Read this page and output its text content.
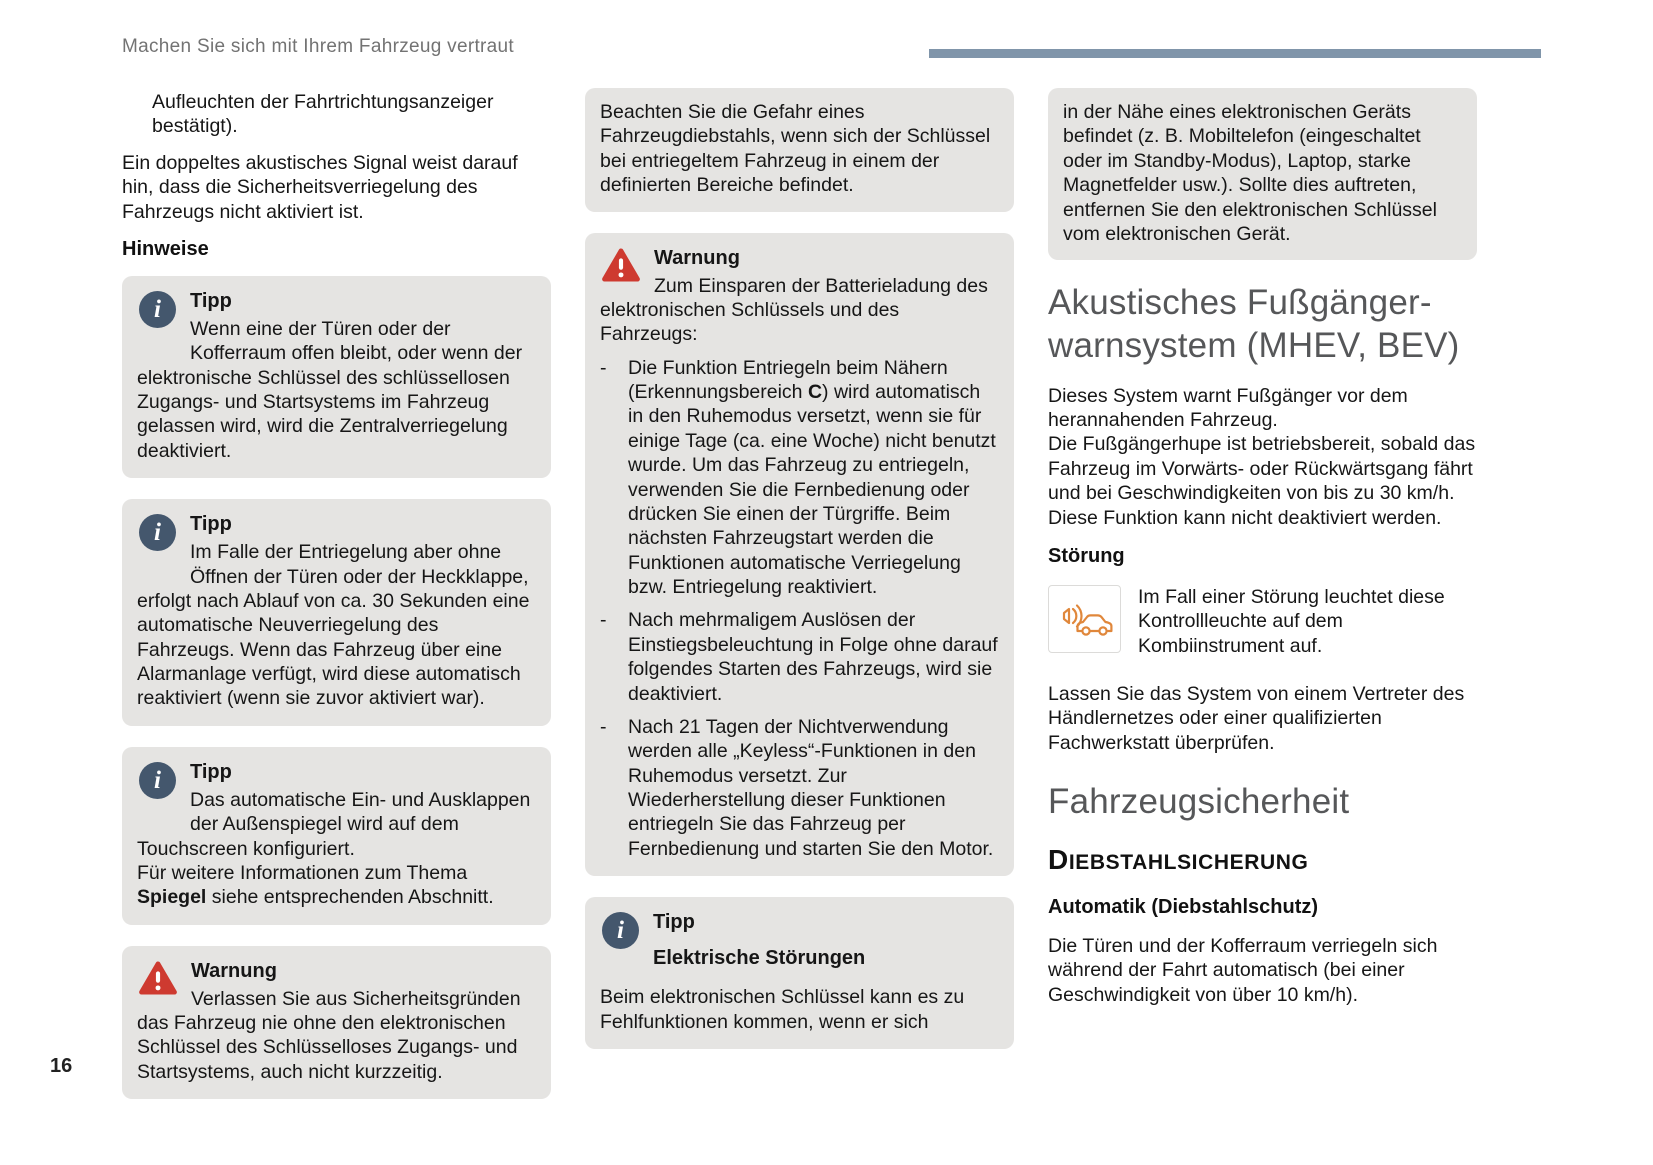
Machen Sie sich mit Ihrem Fahrzeug vertraut

Aufleuchten der Fahrtrichtungsanzeiger bestätigt).

Ein doppeltes akustisches Signal weist darauf hin, dass die Sicherheitsverriegelung des Fahrzeugs nicht aktiviert ist.

Hinweise
i
Tipp
Wenn eine der Türen oder der Kofferraum offen bleibt, oder wenn der elektronische Schlüssel des schlüssellosen Zugangs- und Startsystems im Fahrzeug gelassen wird, wird die Zentralverriegelung deaktiviert.
i
Tipp
Im Falle der Entriegelung aber ohne Öffnen der Türen oder der Heckklappe, erfolgt nach Ablauf von ca. 30 Sekunden eine automatische Neuverriegelung des Fahrzeugs. Wenn das Fahrzeug über eine Alarmanlage verfügt, wird diese automatisch reaktiviert (wenn sie zuvor aktiviert war).
i
Tipp
Das automatische Ein- und Ausklappen der Außenspiegel wird auf dem Touchscreen konfiguriert.
Für weitere Informationen zum Thema Spiegel siehe entsprechenden Abschnitt.
Warnung
Verlassen Sie aus Sicherheitsgründen das Fahrzeug nie ohne den elektronischen Schlüssel des Schlüsselloses Zugangs- und Startsystems, auch nicht kurzzeitig.
Beachten Sie die Gefahr eines Fahrzeugdiebstahls, wenn sich der Schlüssel bei entriegeltem Fahrzeug in einem der definierten Bereiche befindet.
Warnung
Zum Einsparen der Batterieladung des elektronischen Schlüssels und des Fahrzeugs:
- Die Funktion Entriegeln beim Nähern (Erkennungsbereich C) wird automatisch in den Ruhemodus versetzt, wenn sie für einige Tage (ca. eine Woche) nicht benutzt wurde. Um das Fahrzeug zu entriegeln, verwenden Sie die Fernbedienung oder drücken Sie einen der Türgriffe. Beim nächsten Fahrzeugstart werden die Funktionen automatische Verriegelung bzw. Entriegelung reaktiviert.
- Nach mehrmaligem Auslösen der Einstiegsbeleuchtung in Folge ohne darauf folgendes Starten des Fahrzeugs, wird sie deaktiviert.
- Nach 21 Tagen der Nichtverwendung werden alle „Keyless“-Funktionen in den Ruhemodus versetzt. Zur Wiederherstellung dieser Funktionen entriegeln Sie das Fahrzeug per Fernbedienung und starten Sie den Motor.
i
Tipp
Elektrische Störungen
Beim elektronischen Schlüssel kann es zu Fehlfunktionen kommen, wenn er sich
in der Nähe eines elektronischen Geräts befindet (z. B. Mobiltelefon (eingeschaltet oder im Standby-Modus), Laptop, starke Magnetfelder usw.). Sollte dies auftreten, entfernen Sie den elektronischen Schlüssel vom elektronischen Gerät.
Akustisches Fußgänger-
warnsystem (MHEV, BEV)
Dieses System warnt Fußgänger vor dem herannahenden Fahrzeug.
Die Fußgängerhupe ist betriebsbereit, sobald das Fahrzeug im Vorwärts- oder Rückwärtsgang fährt und bei Geschwindigkeiten von bis zu 30 km/h.
Diese Funktion kann nicht deaktiviert werden.
Störung
Im Fall einer Störung leuchtet diese Kontrollleuchte auf dem Kombiinstrument auf.

Lassen Sie das System von einem Vertreter des Händlernetzes oder einer qualifizierten Fachwerkstatt überprüfen.

Fahrzeugsicherheit
DIEBSTAHLSICHERUNG
Automatik (Diebstahlschutz)

Die Türen und der Kofferraum verriegeln sich während der Fahrt automatisch (bei einer Geschwindigkeit von über 10 km/h).

16
